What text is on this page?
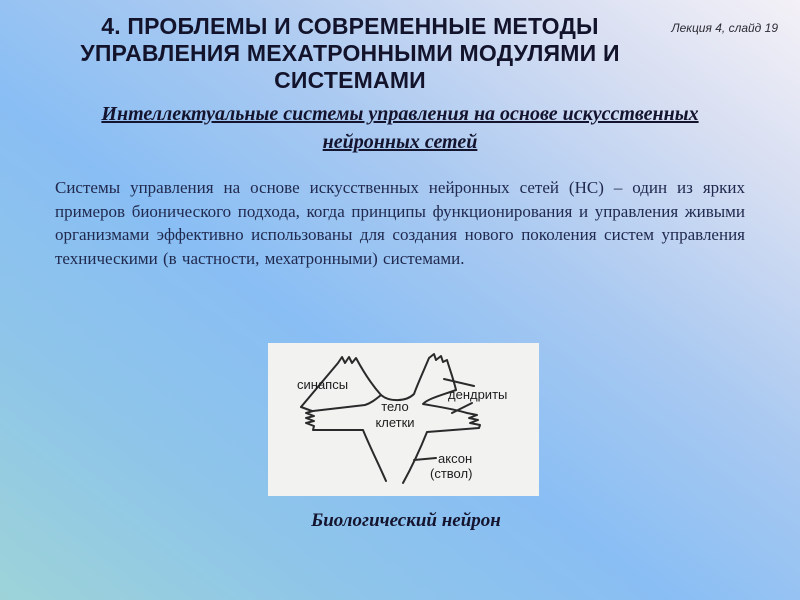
4. ПРОБЛЕМЫ И СОВРЕМЕННЫЕ МЕТОДЫ УПРАВЛЕНИЯ МЕХАТРОННЫМИ МОДУЛЯМИ И СИСТЕМАМИ
Лекция 4, слайд 19
Интеллектуальные системы управления на основе искусственных нейронных сетей
Системы управления на основе искусственных нейронных сетей (НС) – один из ярких примеров бионического подхода, когда принципы функционирования и управления живыми организмами эффективно использованы для создания нового поколения систем управления техническими (в частности, мехатронными) системами.
синапсы
дендриты
тело
клетки
аксон
(ствол)
Биологический нейрон
